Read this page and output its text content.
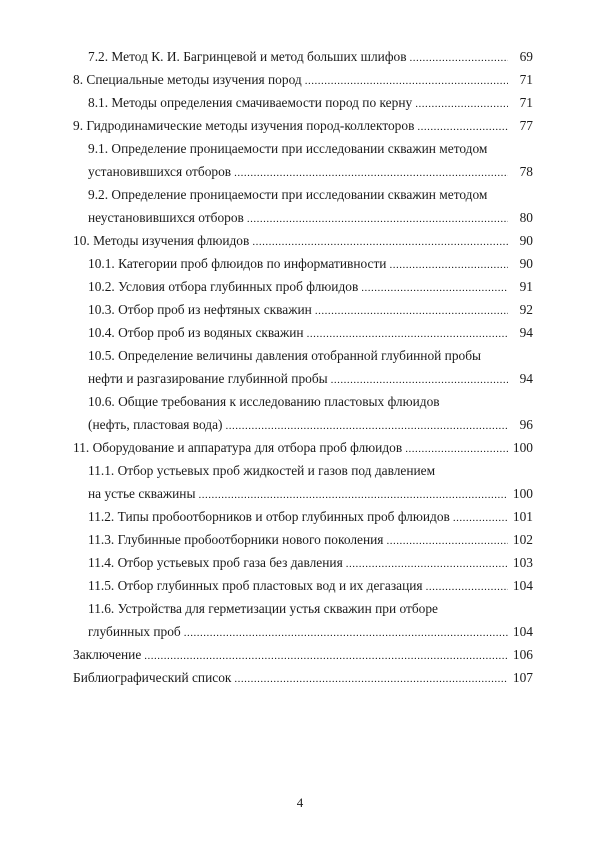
7.2. Метод К. И. Багринцевой и метод больших шлифов .....	69
8. Специальные методы изучения пород .....	71
8.1. Методы определения смачиваемости пород по керну .....	71
9. Гидродинамические методы изучения пород-коллекторов .....	77
9.1. Определение проницаемости при исследовании скважин методом
установившихся отборов .....	78
9.2. Определение проницаемости при исследовании скважин методом
неустановившихся отборов .....	80
10. Методы изучения флюидов .....	90
10.1. Категории проб флюидов по информативности .....	90
10.2. Условия отбора глубинных проб флюидов .....	91
10.3. Отбор проб из нефтяных скважин .....	92
10.4. Отбор проб из водяных скважин .....	94
10.5. Определение величины давления отобранной глубинной пробы
нефти и разгазирование глубинной пробы .....	94
10.6. Общие требования к исследованию пластовых флюидов
(нефть, пластовая вода) .....	96
11. Оборудование и аппаратура для отбора проб флюидов .....	100
11.1. Отбор устьевых проб жидкостей и газов под давлением
на устье скважины .....	100
11.2. Типы пробоотборников и отбор глубинных проб флюидов .....	101
11.3. Глубинные пробоотборники нового поколения .....	102
11.4. Отбор устьевых проб газа без давления .....	103
11.5. Отбор глубинных проб пластовых вод и их дегазация .....	104
11.6. Устройства для герметизации устья скважин при отборе
глубинных проб .....	104
Заключение .....	106
Библиографический список .....	107
4
